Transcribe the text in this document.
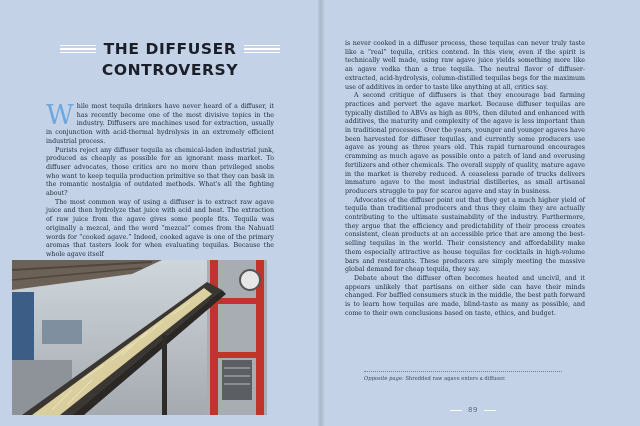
THE DIFFUSER
CONTROVERSY

While most tequila drinkers have never heard of a diffuser, it has recently become one of the most divisive topics in the industry. Diffusers are machines used for extraction, usually in conjunction with acid-thermal hydrolysis in an extremely efficient industrial process.

Purists reject any diffuser tequila as chemical-laden industrial junk, produced as cheaply as possible for an ignorant mass market. To diffuser advocates, those critics are no more than privileged snobs who want to keep tequila production primitive so that they can bask in the romantic nostalgia of outdated methods. What's all the fighting about?

The most common way of using a diffuser is to extract raw agave juice and then hydrolyze that juice with acid and heat. The extraction of raw juice from the agave gives some people fits. Tequila was originally a mezcal, and the word “mezcal” comes from the Nahuatl words for “cooked agave.” Indeed, cooked agave is one of the primary aromas that tasters look for when evaluating tequilas. Because the whole agave itself

is never cooked in a diffuser process, these tequilas can never truly taste like a “real” tequila, critics contend. In this view, even if the spirit is technically well made, using raw agave juice yields something more like an agave vodka than a true tequila. The neutral flavor of diffuser-extracted, acid-hydrolysis, column-distilled tequilas begs for the maximum use of additives in order to taste like anything at all, critics say.

A second critique of diffusers is that they encourage bad farming practices and pervert the agave market. Because diffuser tequilas are typically distilled to ABVs as high as 80%, then diluted and enhanced with additives, the maturity and complexity of the agave is less important than in traditional processes. Over the years, younger and younger agaves have been harvested for diffuser tequilas, and currently some producers use agave as young as three years old. This rapid turnaround encourages cramming as much agave as possible onto a patch of land and overusing fertilizers and other chemicals. The overall supply of quality, mature agave in the market is thereby reduced. A ceaseless parade of trucks delivers immature agave to the most industrial distilleries, as small artisanal producers struggle to pay for scarce agave and stay in business.

Advocates of the diffuser point out that they get a much higher yield of tequila than traditional producers and thus they claim they are actually contributing to the ultimate sustainability of the industry. Furthermore, they argue that the efficiency and predictability of their process creates consistent, clean products at an accessible price that are among the best-selling tequilas in the world. Their consistency and affordability make them especially attractive as house tequilas for cocktails in high-volume bars and restaurants. These producers are simply meeting the massive global demand for cheap tequila, they say.

Debate about the diffuser often becomes heated and uncivil, and it appears unlikely that partisans on either side can have their minds changed. For baffled consumers stuck in the middle, the best path forward is to learn how tequilas are made, blind-taste as many as possible, and come to their own conclusions based on taste, ethics, and budget.

Opposite page: Shredded raw agave enters a diffuser.
89
